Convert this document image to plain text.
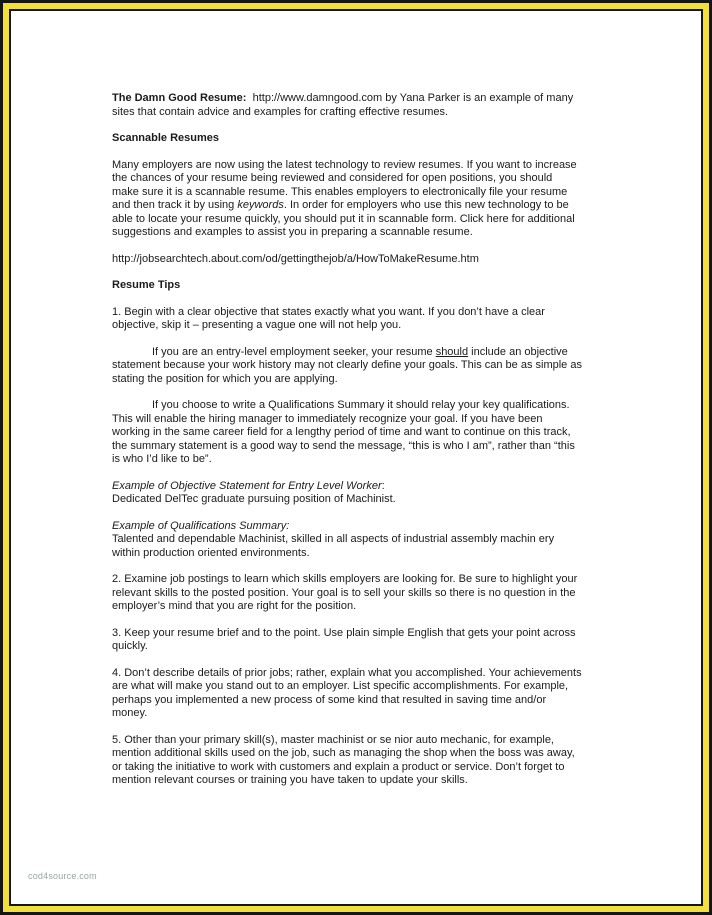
The Damn Good Resume: http://www.damngood.com by Yana Parker is an example of many sites that contain advice and examples for crafting effective resumes.

Scannable Resumes

Many employers are now using the latest technology to review resumes. If you want to increase the chances of your resume being reviewed and considered for open positions, you should make sure it is a scannable resume. This enables employers to electronically file your resume and then track it by using keywords. In order for employers who use this new technology to be able to locate your resume quickly, you should put it in scannable form. Click here for additional suggestions and examples to assist you in preparing a scannable resume.

http://jobsearchtech.about.com/od/gettingthejob/a/HowToMakeResume.htm

Resume Tips

1. Begin with a clear objective that states exactly what you want. If you don’t have a clear objective, skip it – presenting a vague one will not help you.

If you are an entry-level employment seeker, your resume should include an objective statement because your work history may not clearly define your goals. This can be as simple as stating the position for which you are applying.

If you choose to write a Qualifications Summary it should relay your key qualifications. This will enable the hiring manager to immediately recognize your goal. If you have been working in the same career field for a lengthy period of time and want to continue on this track, the summary statement is a good way to send the message, “this is who I am”, rather than “this is who I’d like to be”.

Example of Objective Statement for Entry Level Worker:

Dedicated DelTec graduate pursuing position of Machinist.

Example of Qualifications Summary:

Talented and dependable Machinist, skilled in all aspects of industrial assembly machin ery within production oriented environments.

2. Examine job postings to learn which skills employers are looking for. Be sure to highlight your relevant skills to the posted position. Your goal is to sell your skills so there is no question in the employer’s mind that you are right for the position.

3. Keep your resume brief and to the point. Use plain simple English that gets your point across quickly.

4. Don’t describe details of prior jobs; rather, explain what you accomplished. Your achievements are what will make you stand out to an employer. List specific accomplishments. For example, perhaps you implemented a new process of some kind that resulted in saving time and/or money.

5. Other than your primary skill(s), master machinist or se nior auto mechanic, for example, mention additional skills used on the job, such as managing the shop when the boss was away, or taking the initiative to work with customers and explain a product or service. Don’t forget to mention relevant courses or training you have taken to update your skills.

cod4source.com
